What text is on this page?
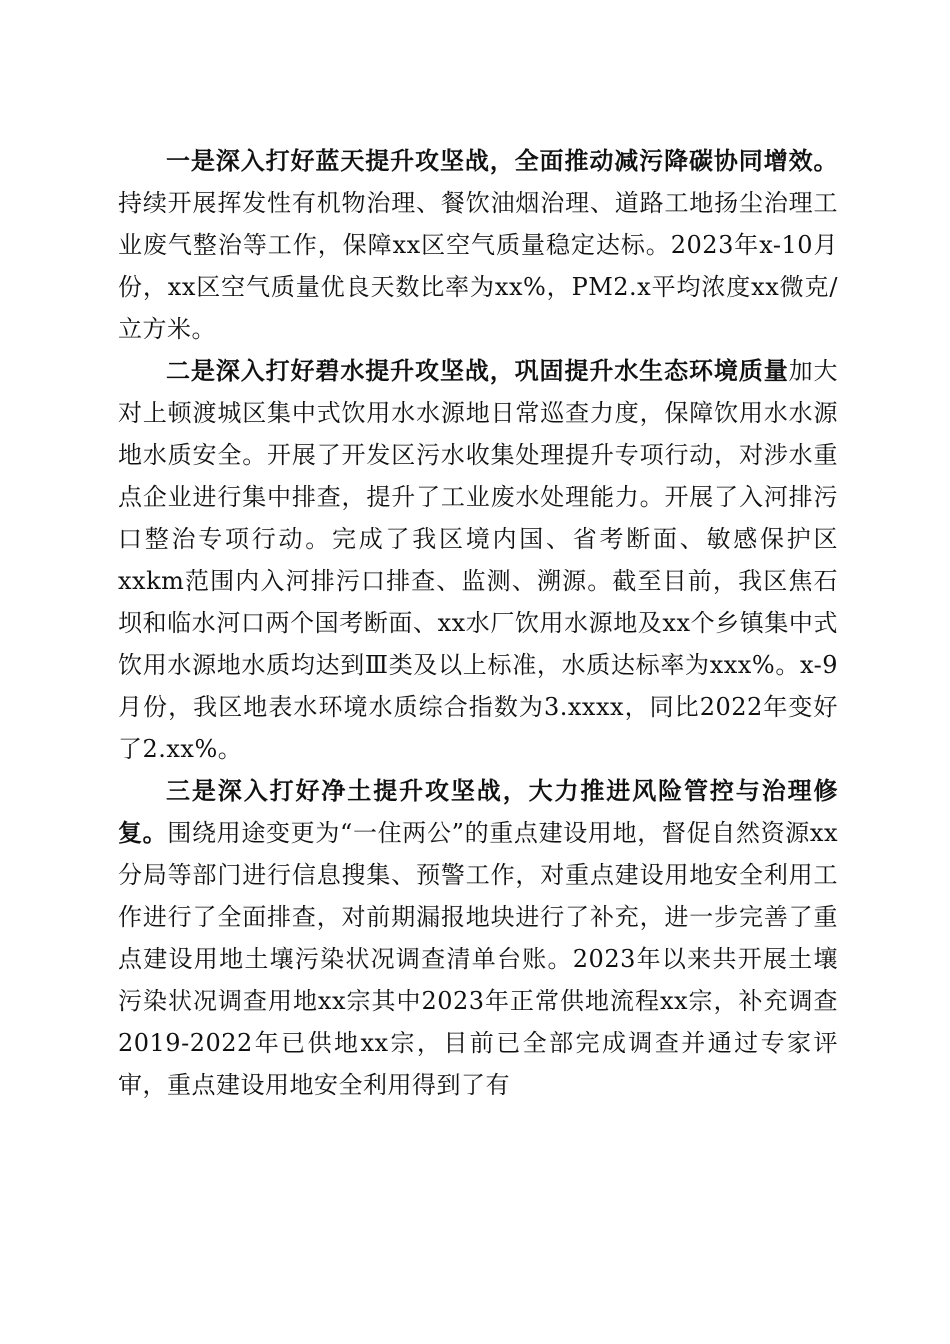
一是深入打好蓝天提升攻坚战，全面推动减污降碳协同增效。持续开展挥发性有机物治理、餐饮油烟治理、道路工地扬尘治理工业废气整治等工作，保障xx区空气质量稳定达标。2023年x-10月份，xx区空气质量优良天数比率为xx%，PM2.x平均浓度xx微克/立方米。

二是深入打好碧水提升攻坚战，巩固提升水生态环境质量加大对上顿渡城区集中式饮用水水源地日常巡查力度，保障饮用水水源地水质安全。开展了开发区污水收集处理提升专项行动，对涉水重点企业进行集中排查，提升了工业废水处理能力。开展了入河排污口整治专项行动。完成了我区境内国、省考断面、敏感保护区xxkm范围内入河排污口排查、监测、溯源。截至目前，我区焦石坝和临水河口两个国考断面、xx水厂饮用水源地及xx个乡镇集中式饮用水源地水质均达到Ⅲ类及以上标准，水质达标率为xxx%。x-9月份，我区地表水环境水质综合指数为3.xxxx，同比2022年变好了2.xx%。

三是深入打好净土提升攻坚战，大力推进风险管控与治理修复。围绕用途变更为“一住两公”的重点建设用地，督促自然资源xx分局等部门进行信息搜集、预警工作，对重点建设用地安全利用工作进行了全面排查，对前期漏报地块进行了补充，进一步完善了重点建设用地土壤污染状况调查清单台账。2023年以来共开展土壤污染状况调查用地xx宗其中2023年正常供地流程xx宗，补充调查2019-2022年已供地xx宗，目前已全部完成调查并通过专家评审，重点建设用地安全利用得到了有
